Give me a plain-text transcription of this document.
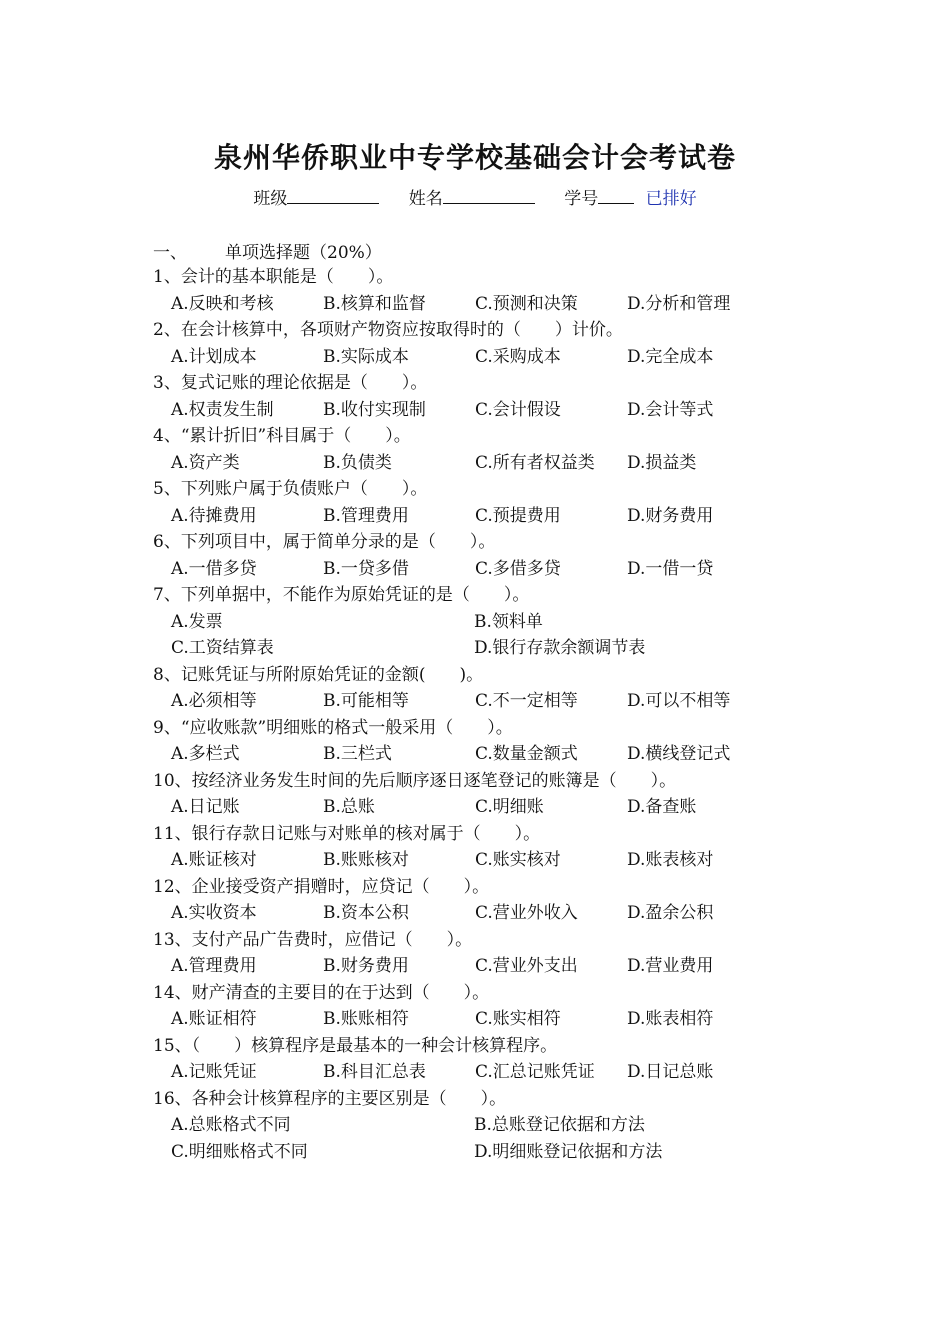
泉州华侨职业中专学校基础会计会考试卷
班级	姓名	学号	已排好
一、 单项选择题（20%）
1、会计的基本职能是（　　）。
A.反映和考核	B.核算和监督	C.预测和决策	D.分析和管理
2、在会计核算中，各项财产物资应按取得时的（　　）计价。
A.计划成本	B.实际成本	C.采购成本	D.完全成本
3、复式记账的理论依据是（　　）。
A.权责发生制	B.收付实现制	C.会计假设	D.会计等式
4、“累计折旧”科目属于（　　）。
A.资产类	B.负债类	C.所有者权益类 D.损益类
5、下列账户属于负债账户（　　）。
A.待摊费用	B.管理费用	C.预提费用	D.财务费用
6、下列项目中，属于简单分录的是（　　）。
A.一借多贷	B.一贷多借	C.多借多贷	D.一借一贷
7、下列单据中，不能作为原始凭证的是（　　）。
A.发票	B.领料单
C.工资结算表	D.银行存款余额调节表
8、记账凭证与所附原始凭证的金额(　　)。
A.必须相等	B.可能相等	C.不一定相等	D.可以不相等
9、“应收账款”明细账的格式一般采用（　　）。
A.多栏式	B.三栏式	C.数量金额式	D.横线登记式
10、按经济业务发生时间的先后顺序逐日逐笔登记的账簿是（　　）。
A.日记账	B.总账	C.明细账	D.备查账
11、银行存款日记账与对账单的核对属于（　　）。
A.账证核对	B.账账核对	C.账实核对	D.账表核对
12、企业接受资产捐赠时，应贷记（　　）。
A.实收资本	B.资本公积	C.营业外收入	D.盈余公积
13、支付产品广告费时，应借记（　　）。
A.管理费用	B.财务费用	C.营业外支出	D.营业费用
14、财产清查的主要目的在于达到（　　）。
A.账证相符	B.账账相符	C.账实相符	D.账表相符
15、（　　）核算程序是最基本的一种会计核算程序。
A.记账凭证	B.科目汇总表	C.汇总记账凭证 D.日记总账
16、各种会计核算程序的主要区别是（　　）。
A.总账格式不同	B.总账登记依据和方法
C.明细账格式不同	D.明细账登记依据和方法
